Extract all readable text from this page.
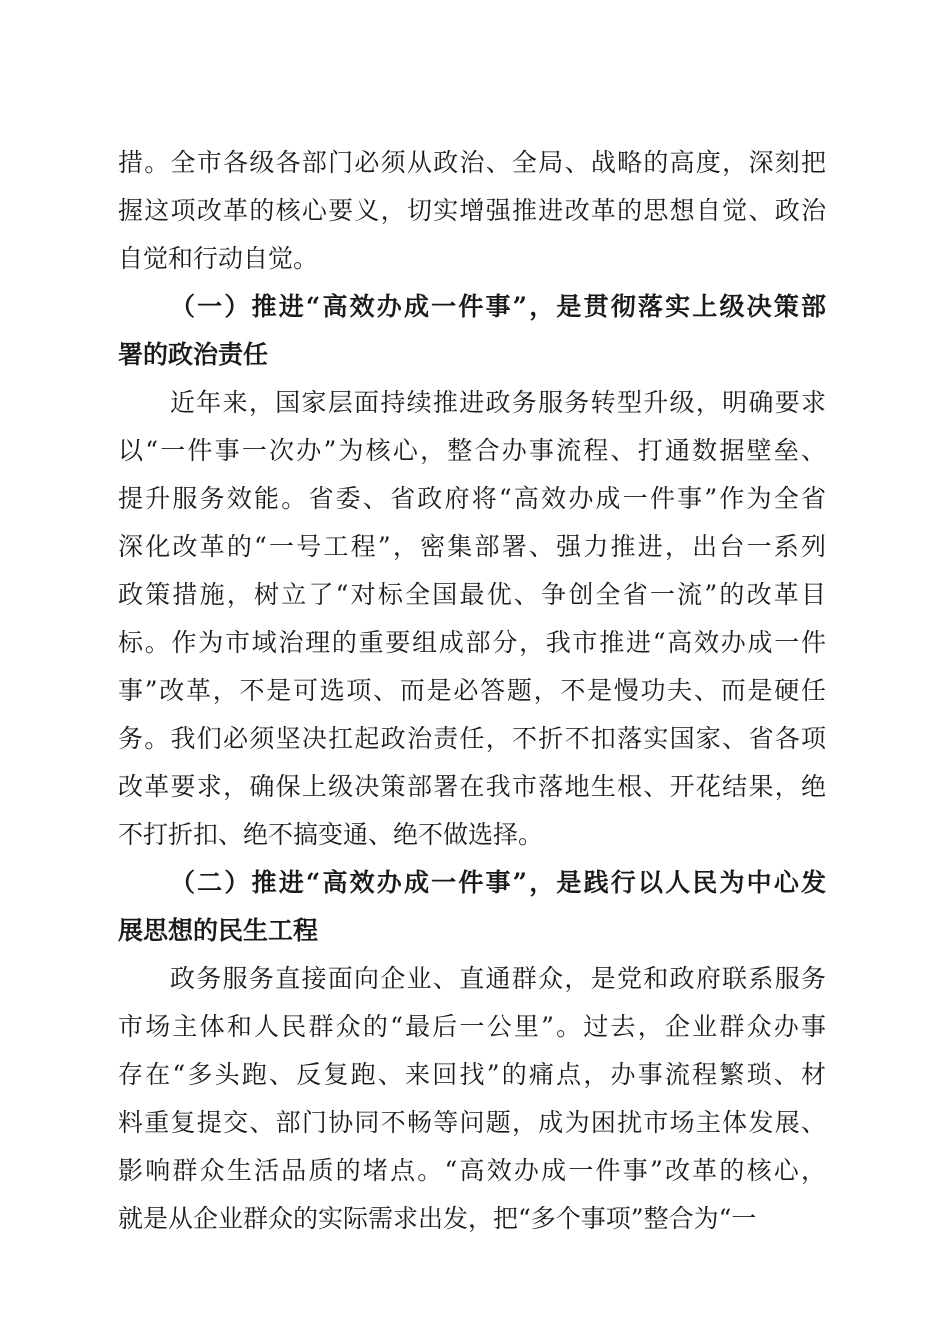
措。全市各级各部门必须从政治、全局、战略的高度，深刻把
握这项改革的核心要义，切实增强推进改革的思想自觉、政治
自觉和行动自觉。
（一）推进“高效办成一件事”，是贯彻落实上级决策部
署的政治责任
近年来，国家层面持续推进政务服务转型升级，明确要求
以“一件事一次办”为核心，整合办事流程、打通数据壁垒、
提升服务效能。省委、省政府将“高效办成一件事”作为全省
深化改革的“一号工程”，密集部署、强力推进，出台一系列
政策措施，树立了“对标全国最优、争创全省一流”的改革目
标。作为市域治理的重要组成部分，我市推进“高效办成一件
事”改革，不是可选项、而是必答题，不是慢功夫、而是硬任
务。我们必须坚决扛起政治责任，不折不扣落实国家、省各项
改革要求，确保上级决策部署在我市落地生根、开花结果，绝
不打折扣、绝不搞变通、绝不做选择。
（二）推进“高效办成一件事”，是践行以人民为中心发
展思想的民生工程
政务服务直接面向企业、直通群众，是党和政府联系服务
市场主体和人民群众的“最后一公里”。过去，企业群众办事
存在“多头跑、反复跑、来回找”的痛点，办事流程繁琐、材
料重复提交、部门协同不畅等问题，成为困扰市场主体发展、
影响群众生活品质的堵点。“高效办成一件事”改革的核心，
就是从企业群众的实际需求出发，把“多个事项”整合为“一
